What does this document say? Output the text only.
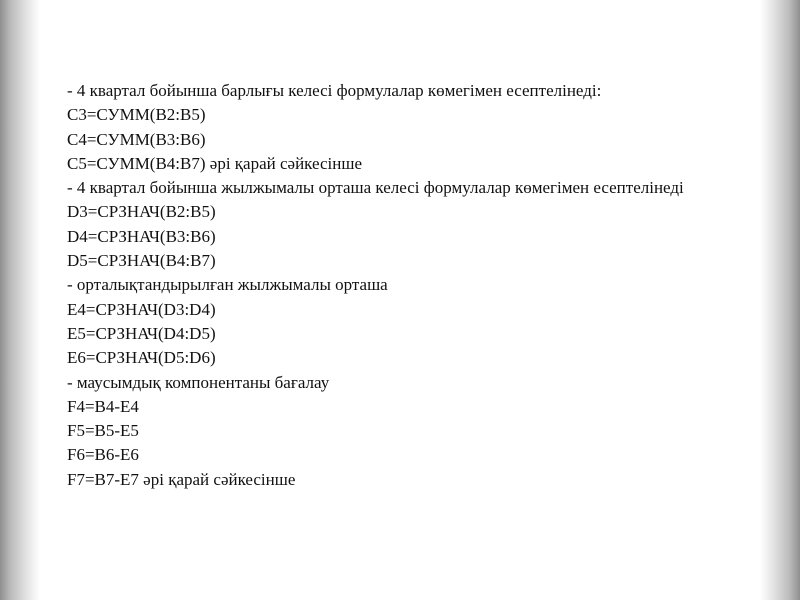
- 4 квартал бойынша барлығы келесі формулалар көмегімен есептелінеді:
C3=СУММ(B2:B5)
C4=СУММ(B3:B6)
C5=СУММ(B4:B7) әрі қарай сәйкесінше
- 4 квартал бойынша жылжымалы орташа келесі формулалар көмегімен есептелінеді
D3=СРЗНАЧ(B2:B5)
D4=СРЗНАЧ(B3:B6)
D5=СРЗНАЧ(B4:B7)
- орталықтандырылған жылжымалы орташа
E4=СРЗНАЧ(D3:D4)
E5=СРЗНАЧ(D4:D5)
E6=СРЗНАЧ(D5:D6)
- маусымдық компонентаны бағалау
F4=B4-E4
F5=B5-E5
F6=B6-E6
F7=B7-E7 әрі қарай сәйкесінше
